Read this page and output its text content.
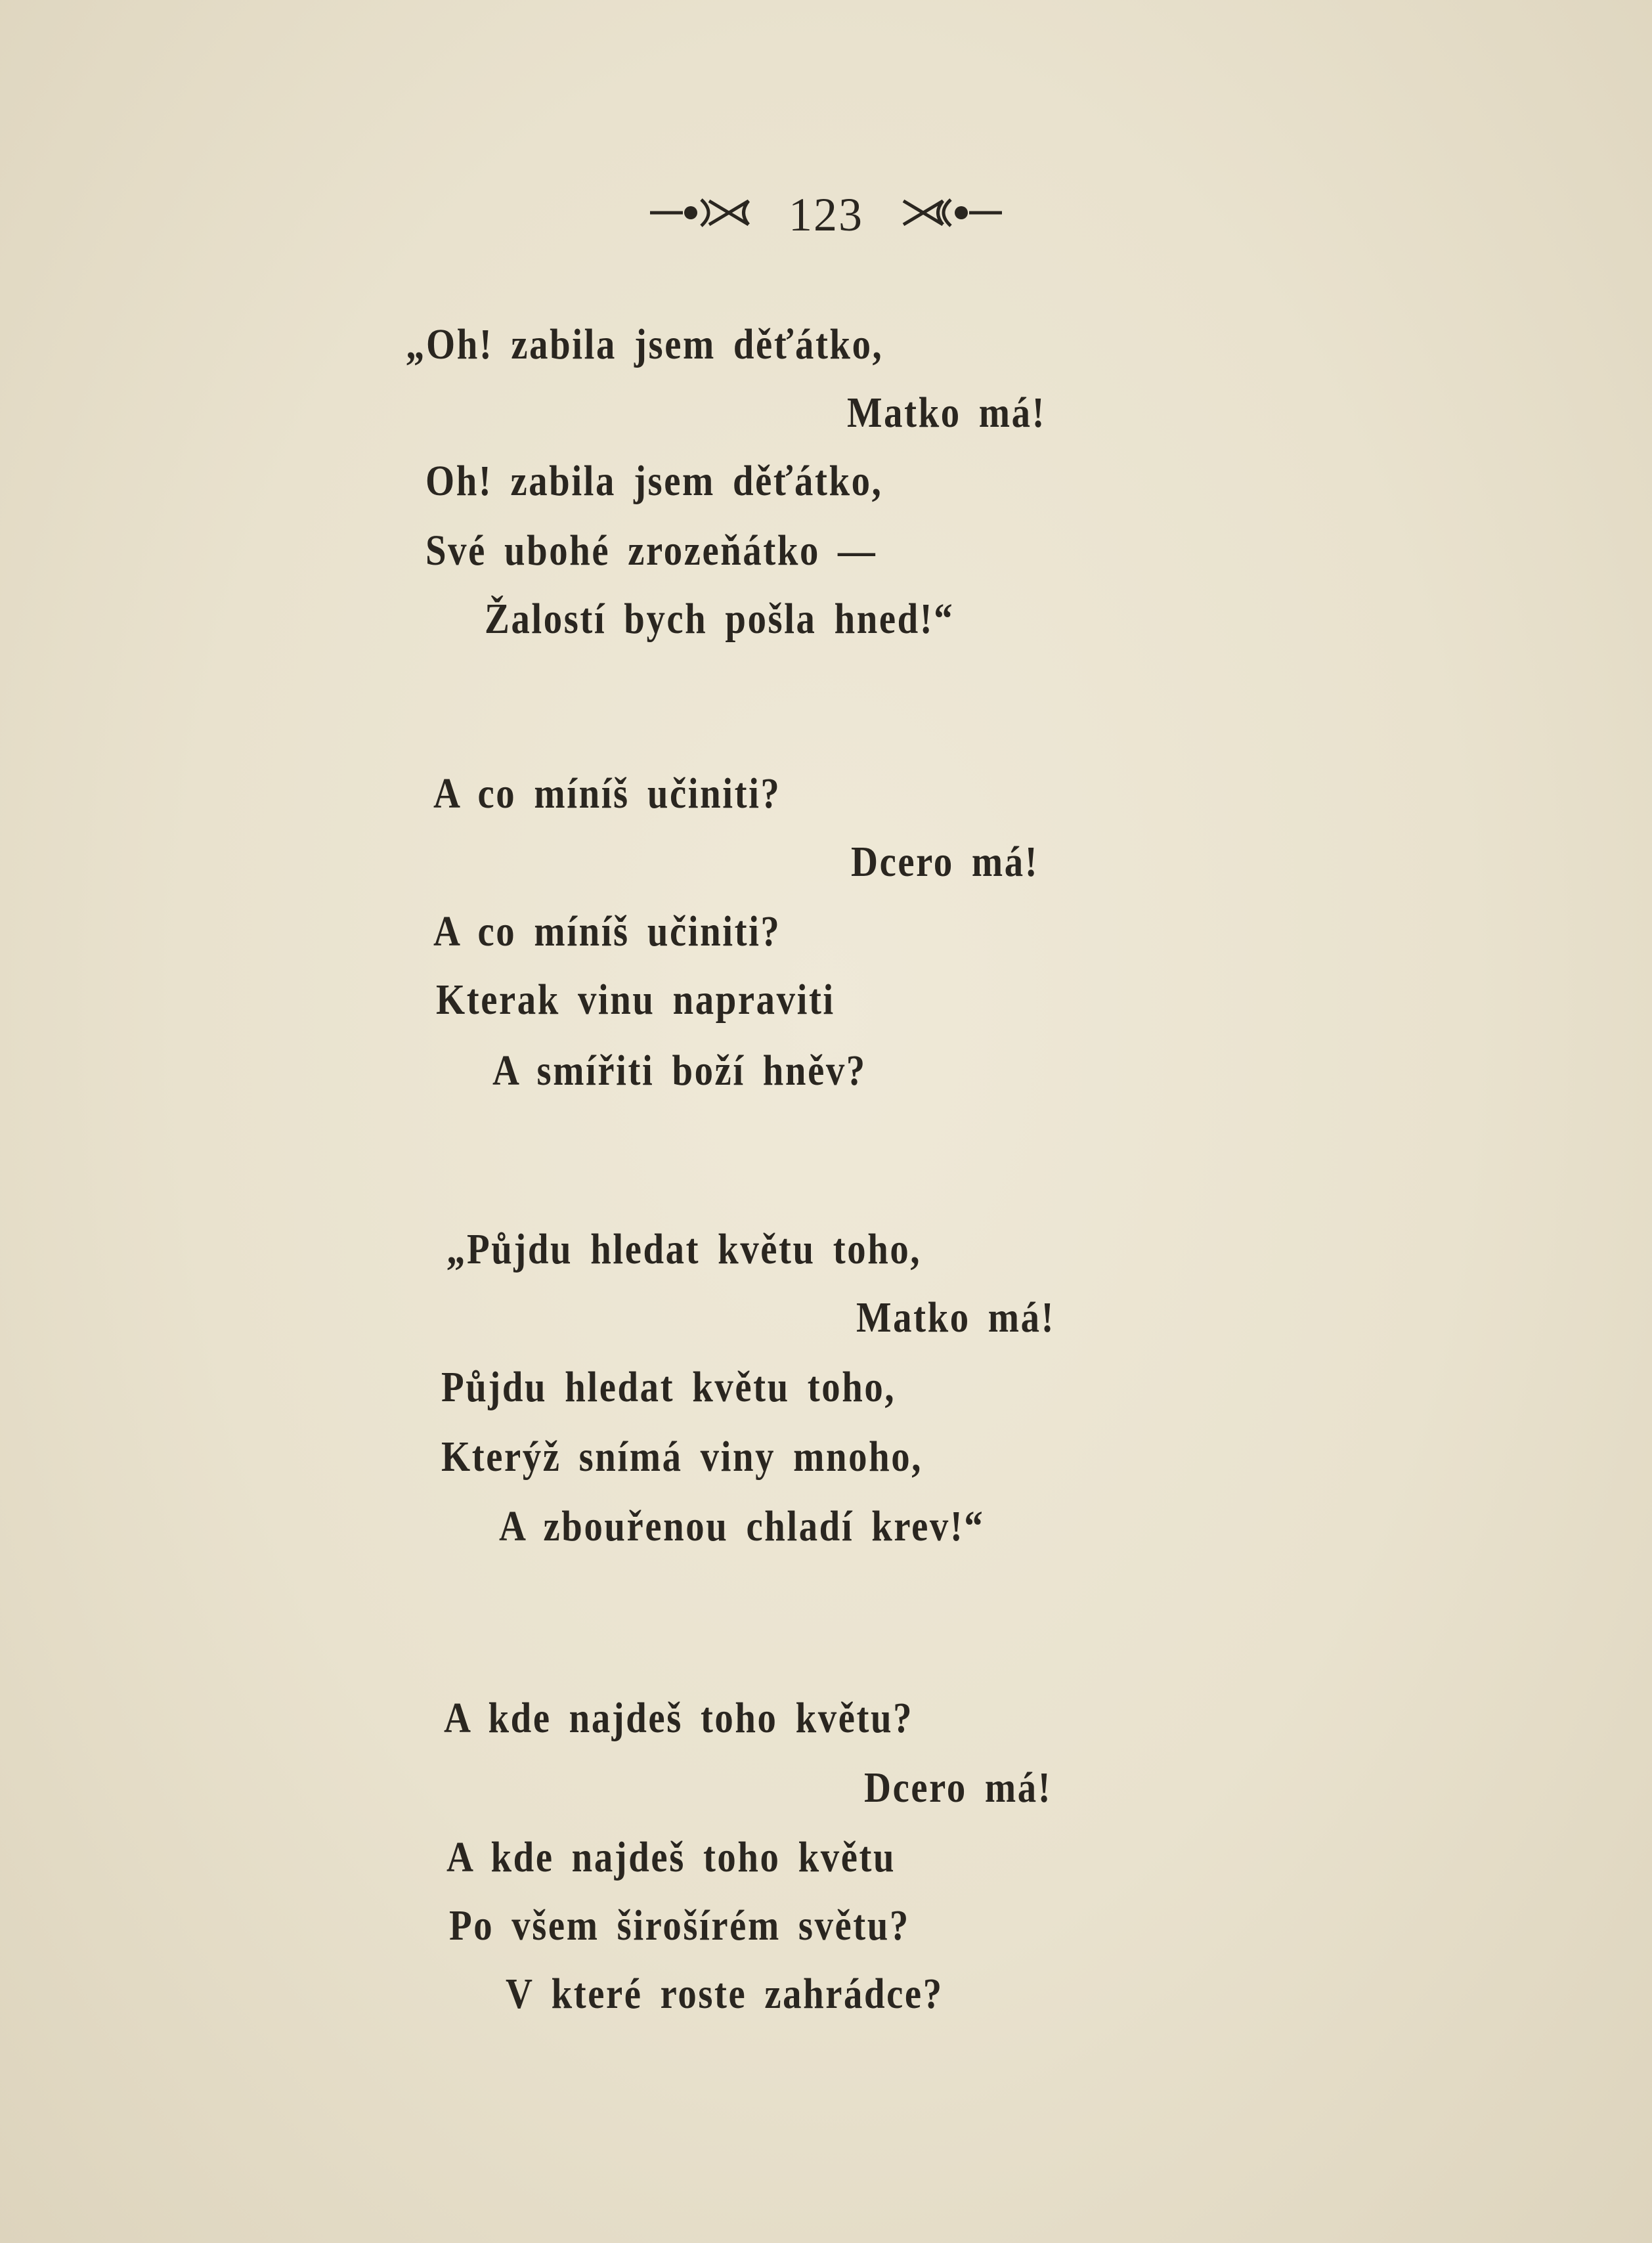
123
„Oh! zabila jsem děťátko,
Matko má!
Oh! zabila jsem děťátko,
Své ubohé zrozeňátko —
Žalostí bych pošla hned!“
A co míníš učiniti?
Dcero má!
A co míníš učiniti?
Kterak vinu napraviti
A smířiti boží hněv?
„Půjdu hledat květu toho,
Matko má!
Půjdu hledat květu toho,
Kterýž snímá viny mnoho,
A zbouřenou chladí krev!“
A kde najdeš toho květu?
Dcero má!
A kde najdeš toho květu
Po všem širošírém světu?
V které roste zahrádce?
